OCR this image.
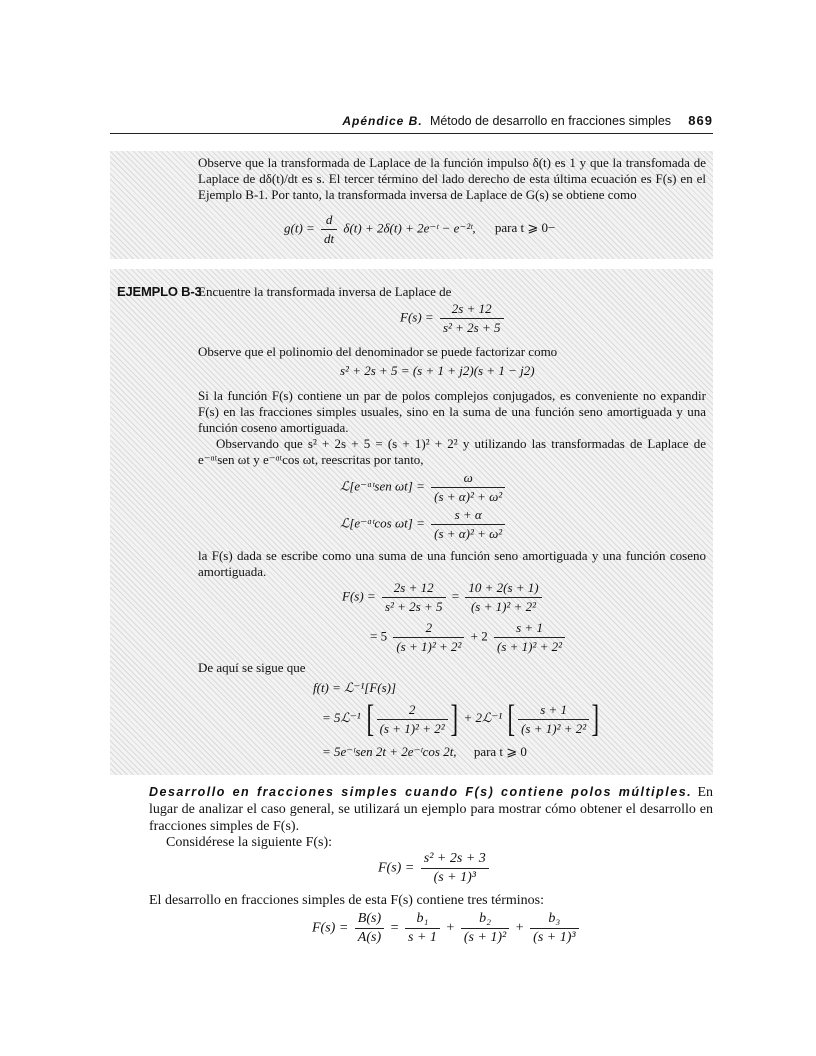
Apéndice B. Método de desarrollo en fracciones simples 869
Observe que la transformada de Laplace de la función impulso δ(t) es 1 y que la transfomada de Laplace de dδ(t)/dt es s. El tercer término del lado derecho de esta última ecuación es F(s) en el Ejemplo B-1. Por tanto, la transformada inversa de Laplace de G(s) se obtiene como
$g(t) = \frac{d}{dt} \delta(t) + 2\delta(t)$ + 2e⁻ᵗ − e⁻²ᵗ, para t ⩾ 0−
EJEMPLO B-3
Encuentre la transformada inversa de Laplace de
$F(s) = \frac{2s + 12}{\text{s² + 2s + 5}}$
Observe que el polinomio del denominador se puede factorizar como
s² + 2s + 5 = (s + 1 + j2)(s + 1 − j2)
Si la función F(s) contiene un par de polos complejos conjugados, es conveniente no expandir F(s) en las fracciones simples usuales, sino en la suma de una función seno amortiguada y una función coseno amortiguada.
Observando que s² + 2s + 5 = (s + 1)² + 2² y utilizando las transformadas de Laplace de e⁻ᵅᵗsen ωt y e⁻ᵅᵗcos ωt, reescritas por tanto,
ℒ[e⁻ᵅᵗsen $\omega t] = \frac{\omega}{\text{(s + α)² + ω²}}$
ℒ[e⁻ᵅᵗcos $\omega t] = \frac{s + \alpha}{\text{(s + α)² + ω²}}$
la F(s) dada se escribe como una suma de una función seno amortiguada y una función coseno amortiguada.
$F(s) = \frac{2s + 12}{\text{s² + 2s + 5}} = \frac{10 + 2(s + 1)}{\text{(s + 1)² + 2²}}$
= $5 \frac{2}{\text{(s + 1)² + 2²}} + 2 \frac{s + 1}{\text{(s + 1)² + 2²}}$
De aquí se sigue que
f(t) = ℒ⁻¹[F(s)]
= 5ℒ⁻¹ [ $\frac{2}{\text{(s + 1)² + 2²}}$ ] + 2ℒ⁻¹ [ $\frac{s + 1}{\text{(s + 1)² + 2²}}$ ]
= 5e⁻ᵗsen 2t + 2e⁻ᵗcos 2t, para t ⩾ 0
Desarrollo en fracciones simples cuando F(s) contiene polos múltiples. En lugar de analizar el caso general, se utilizará un ejemplo para mostrar cómo obtener el desarrollo en fracciones simples de F(s).
Considérese la siguiente F(s):
$F(s) = \frac{\text{s² + 2s + 3}}{\text{(s + 1)³}}$
El desarrollo en fracciones simples de esta F(s) contiene tres términos:
$F(s) = \frac{B(s)}{A(s)} = \frac{\text{b₁}}{s + 1} + \frac{\text{b₂}}{\text{(s + 1)²}} + \frac{\text{b₃}}{\text{(s + 1)³}}$
